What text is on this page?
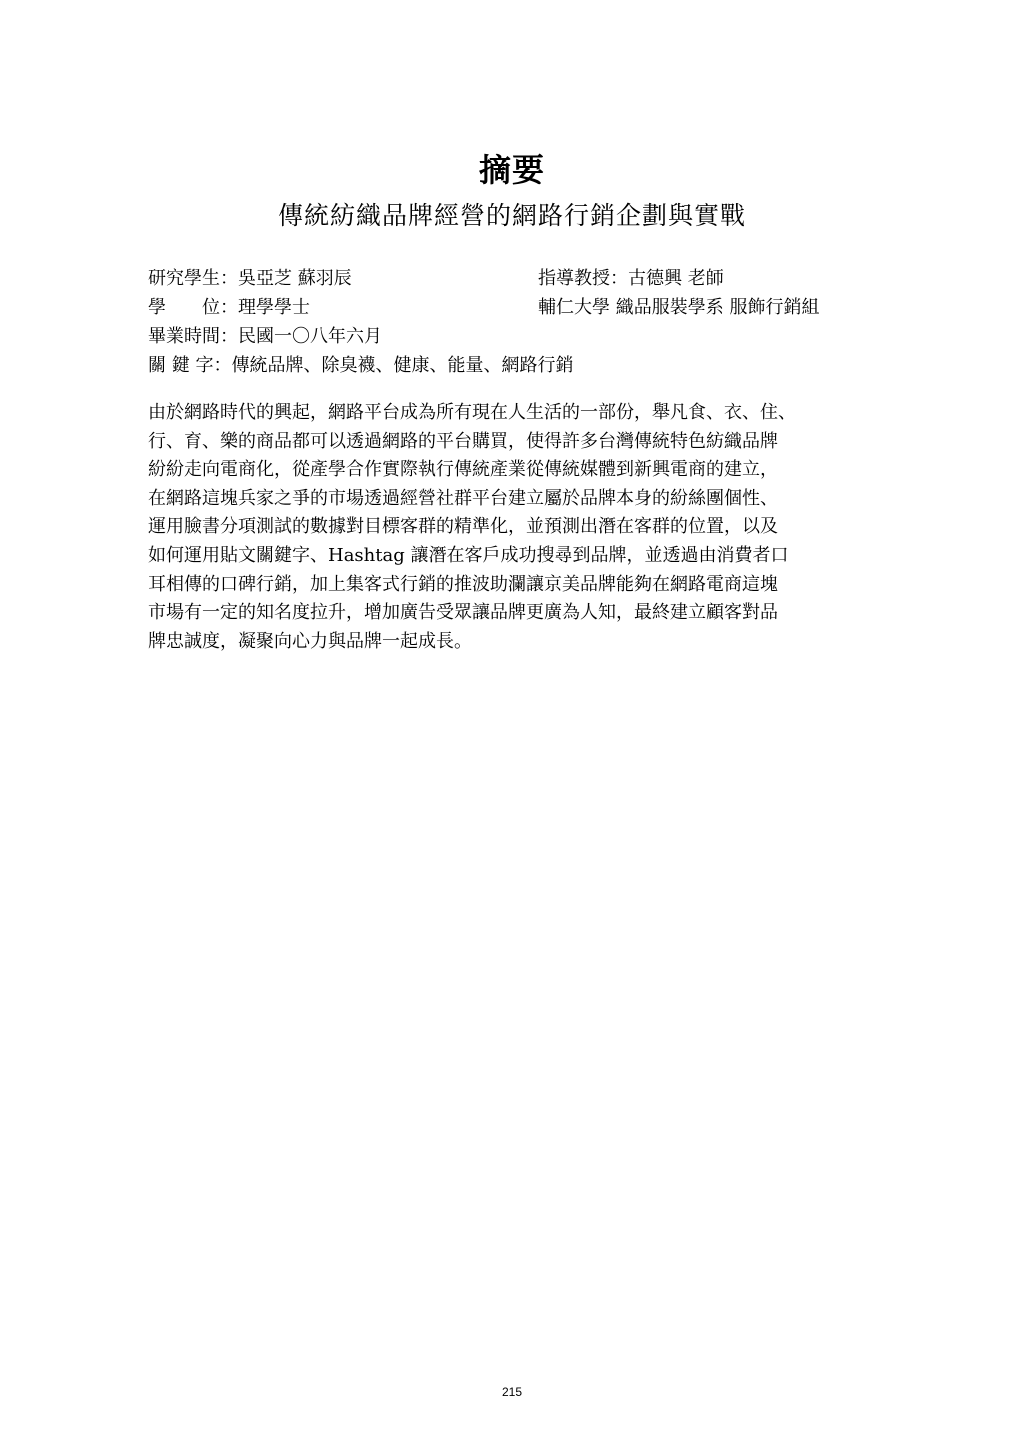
摘要
傳統紡織品牌經營的網路行銷企劃與實戰
研究學生：吳亞芝 蘇羽辰	指導教授：古德興 老師
學　　位：理學學士	輔仁大學 織品服裝學系 服飾行銷組
畢業時間：民國一〇八年六月
關 鍵 字：傳統品牌、除臭襪、健康、能量、網路行銷
由於網路時代的興起，網路平台成為所有現在人生活的一部份，舉凡食、衣、住、
行、育、樂的商品都可以透過網路的平台購買，使得許多台灣傳統特色紡織品牌
紛紛走向電商化，從產學合作實際執行傳統產業從傳統媒體到新興電商的建立，
在網路這塊兵家之爭的市場透過經營社群平台建立屬於品牌本身的紛絲團個性、
運用臉書分項測試的數據對目標客群的精準化，並預測出潛在客群的位置，以及
如何運用貼文關鍵字、Hashtag 讓潛在客戶成功搜尋到品牌，並透過由消費者口
耳相傳的口碑行銷，加上集客式行銷的推波助瀾讓京美品牌能夠在網路電商這塊
市場有一定的知名度拉升，增加廣告受眾讓品牌更廣為人知，最終建立顧客對品
牌忠誠度，凝聚向心力與品牌一起成長。
215
